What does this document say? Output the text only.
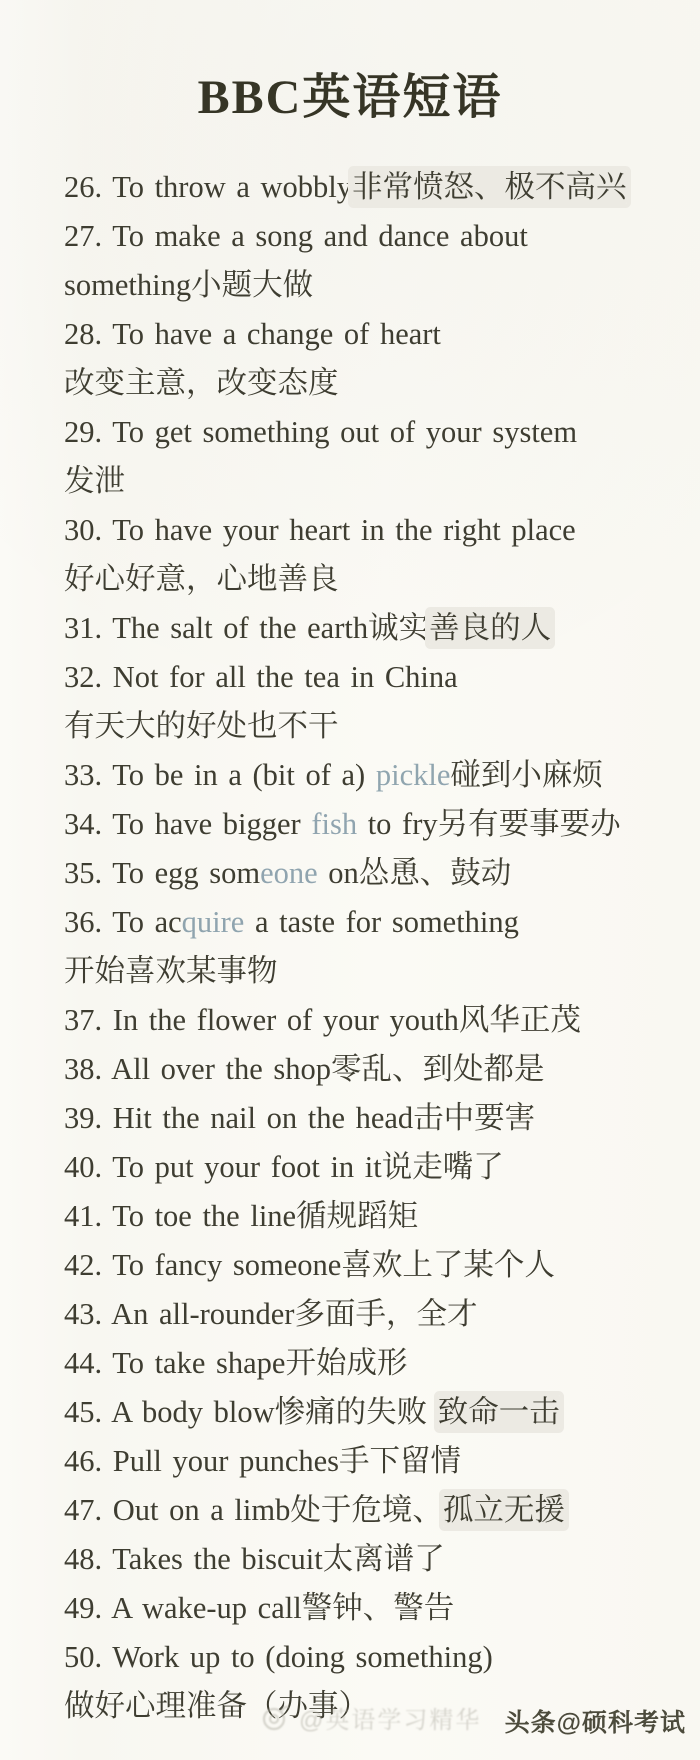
BBC英语短语
26. To throw a wobbly非常愤怒、极不高兴
27. To make a song and dance about
something小题大做
28. To have a change of heart
改变主意，改变态度
29. To get something out of your system
发泄
30. To have your heart in the right place
好心好意，心地善良
31. The salt of the earth诚实善良的人
32. Not for all the tea in China
有天大的好处也不干
33. To be in a (bit of a) pickle碰到小麻烦
34. To have bigger fish to fry另有要事要办
35. To egg someone on怂恿、鼓动
36. To acquire a taste for something
开始喜欢某事物
37. In the flower of your youth风华正茂
38. All over the shop零乱、到处都是
39. Hit the nail on the head击中要害
40. To put your foot in it说走嘴了
41. To toe the line循规蹈矩
42. To fancy someone喜欢上了某个人
43. An all-rounder多面手，全才
44. To take shape开始成形
45. A body blow惨痛的失败 致命一击
46. Pull your punches手下留情
47. Out on a limb处于危境、孤立无援
48. Takes the biscuit太离谱了
49. A wake-up call警钟、警告
50. Work up to (doing something)
做好心理准备（办事）
@英语学习精华 头条@硕科考试
